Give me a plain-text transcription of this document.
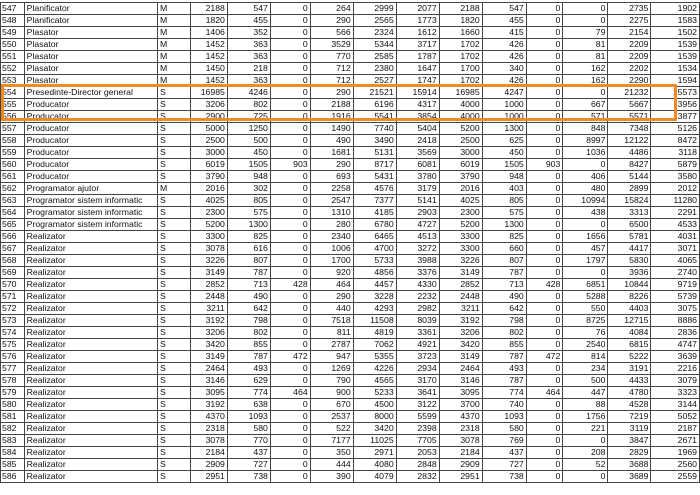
547	Planificator	M	2188	547	0	264	2999	2077	2188	547	0	0	2735	1902
548	Planificator	M	1820	455	0	290	2565	1773	1820	455	0	0	2275	1583
549	Plasator	M	1406	352	0	566	2324	1612	1660	415	0	79	2154	1502
550	Plasator	M	1452	363	0	3529	5344	3717	1702	426	0	81	2209	1539
551	Plasator	M	1452	363	0	770	2585	1787	1702	426	0	81	2209	1539
552	Plasator	M	1450	218	0	712	2380	1647	1700	340	0	162	2202	1534
553	Plasator	M	1452	363	0	712	2527	1747	1702	426	0	162	2290	1594
554	Presedinte-Director general	S	16985	4246	0	290	21521	15914	16985	4247	0	0	21232	15573
555	Producator	S	3206	802	0	2188	6196	4317	4000	1000	0	667	5667	3956
556	Producator	S	2900	725	0	1916	5541	3854	4000	1000	0	571	5571	3877
557	Producator	S	5000	1250	0	1490	7740	5404	5200	1300	0	848	7348	5126
558	Producator	S	2500	500	0	490	3490	2418	2500	625	0	8997	12122	8472
559	Producator	S	3000	450	0	1681	5131	3569	3000	450	0	1036	4486	3118
560	Producator	S	6019	1505	903	290	8717	6081	6019	1505	903	0	8427	5879
561	Producator	S	3790	948	0	693	5431	3780	3790	948	0	406	5144	3580
562	Programator ajutor	M	2016	302	0	2258	4576	3179	2016	403	0	480	2899	2012
563	Programator sistem informatic	S	4025	805	0	2547	7377	5141	4025	805	0	10994	15824	11280
564	Programator sistem informatic	S	2300	575	0	1310	4185	2903	2300	575	0	438	3313	2291
565	Programator sistem informatic	S	5200	1300	0	280	6780	4727	5200	1300	0	0	6500	4533
566	Realizator	S	3300	825	0	2340	6465	4513	3300	825	0	1656	5781	4031
567	Realizator	S	3078	616	0	1006	4700	3272	3300	660	0	457	4417	3071
568	Realizator	S	3226	807	0	1700	5733	3988	3226	807	0	1797	5830	4065
569	Realizator	S	3149	787	0	920	4856	3376	3149	787	0	0	3936	2740
570	Realizator	S	2852	713	428	464	4457	4330	2852	713	428	6851	10844	9719
571	Realizator	S	2448	490	0	290	3228	2232	2448	490	0	5288	8226	5739
572	Realizator	S	3211	642	0	440	4293	2982	3211	642	0	550	4403	3075
573	Realizator	S	3192	798	0	7518	11508	8039	3192	798	0	8725	12715	8886
574	Realizator	S	3206	802	0	811	4819	3361	3206	802	0	76	4084	2836
575	Realizator	S	3420	855	0	2787	7062	4921	3420	855	0	2540	6815	4747
576	Realizator	S	3149	787	472	947	5355	3723	3149	787	472	814	5222	3639
577	Realizator	S	2464	493	0	1269	4226	2934	2464	493	0	234	3191	2216
578	Realizator	S	3146	629	0	790	4565	3170	3146	787	0	500	4433	3079
579	Realizator	S	3095	774	464	900	5233	3641	3095	774	464	447	4780	3323
580	Realizator	S	3192	638	0	670	4500	3122	3700	740	0	88	4528	3144
581	Realizator	S	4370	1093	0	2537	8000	5599	4370	1093	0	1756	7219	5052
582	Realizator	S	2318	580	0	522	3420	2398	2318	580	0	221	3119	2187
583	Realizator	S	3078	770	0	7177	11025	7705	3078	769	0	0	3847	2671
584	Realizator	S	2184	437	0	350	2971	2053	2184	437	0	208	2829	1969
585	Realizator	S	2909	727	0	444	4080	2848	2909	727	0	52	3688	2560
586	Realizator	S	2951	738	0	390	4079	2832	2951	738	0	0	3689	2559
